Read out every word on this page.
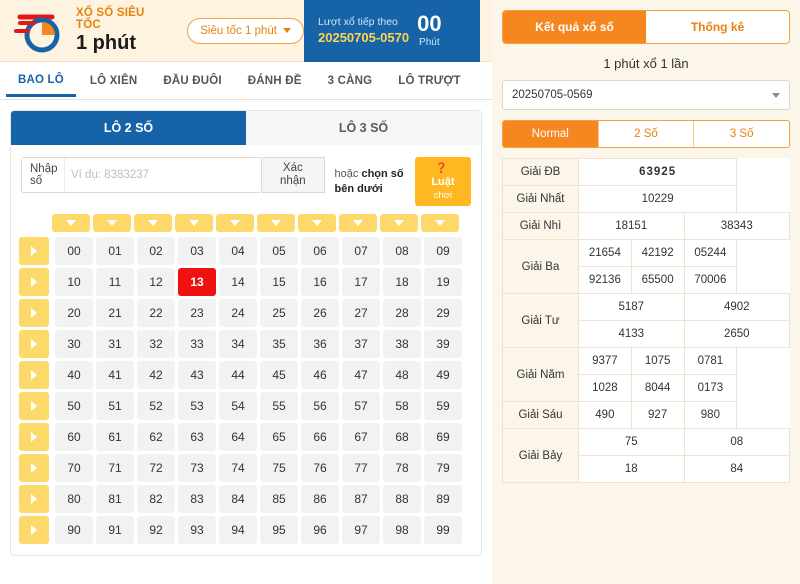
XỔ SỐ SIÊU TỐC
1 phút
Siêu tốc 1 phút
Lượt xổ tiếp theo
20250705-0570
00
Phút
BAO LÔ	LÔ XIÊN	ĐẦU ĐUÔI	ĐÁNH ĐỀ	3 CÀNG	LÔ TRƯỢT
LÔ 2 SỐ	LÔ 3 SỐ
Nhập số
Ví dụ: 8383237
Xác nhận
hoặc chọn số bên dưới
❓Luật
chơi
00	01	02	03	04	05	06	07	08	09
10	11	12	13	14	15	16	17	18	19
20	21	22	23	24	25	26	27	28	29
30	31	32	33	34	35	36	37	38	39
40	41	42	43	44	45	46	47	48	49
50	51	52	53	54	55	56	57	58	59
60	61	62	63	64	65	66	67	68	69
70	71	72	73	74	75	76	77	78	79
80	81	82	83	84	85	86	87	88	89
90	91	92	93	94	95	96	97	98	99
Kết quả xổ số	Thống kê
1 phút xổ 1 lần
20250705-0569
Normal	2 Số	3 Số
Giải ĐB	63925		
Giải Nhất	10229		
Giải Nhì	18151		38343
Giải Ba	21654	42192	05244
	92136	65500	70006
Giải Tư	5187		4902
	4133		2650
Giải Năm	9377	1075	0781
	1028	8044	0173
Giải Sáu	490	927	980
Giải Bảy	75		08
	18		84
